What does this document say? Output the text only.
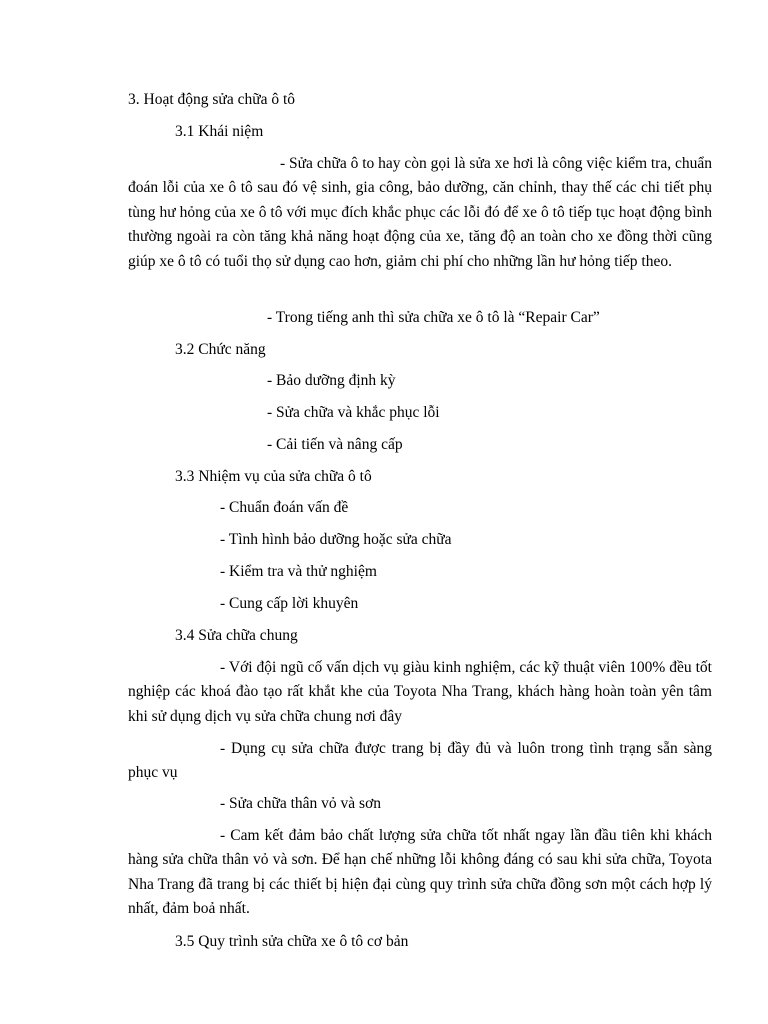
3. Hoạt động sửa chữa ô tô
3.1 Khái niệm
- Sửa chữa ô to hay còn gọi là sửa xe hơi là công việc kiểm tra, chuẩn đoán lỗi của xe ô tô sau đó vệ sinh, gia công, bảo dưỡng, căn chỉnh, thay thế các chi tiết phụ tùng hư hỏng của xe ô tô với mục đích khắc phục các lỗi đó để xe ô tô tiếp tục hoạt động bình thường ngoài ra còn tăng khả năng hoạt động của xe, tăng độ an toàn cho xe đồng thời cũng giúp xe ô tô có tuổi thọ sử dụng cao hơn, giảm chi phí cho những lần hư hỏng tiếp theo.
- Trong tiếng anh thì sửa chữa xe ô tô là “Repair Car”
3.2 Chức năng
- Bảo dưỡng định kỳ
- Sửa chữa và khắc phục lỗi
- Cải tiến và nâng cấp
3.3 Nhiệm vụ của sửa chữa ô tô
- Chuẩn đoán vấn đề
- Tình hình bảo dưỡng hoặc sửa chữa
- Kiểm tra và thử nghiệm
- Cung cấp lời khuyên
3.4 Sửa chữa chung
- Với đội ngũ cố vấn dịch vụ giàu kinh nghiệm, các kỹ thuật viên 100% đều tốt nghiệp các khoá đào tạo rất khắt khe của Toyota Nha Trang, khách hàng hoàn toàn yên tâm khi sử dụng dịch vụ sửa chữa chung nơi đây
- Dụng cụ sửa chữa được trang bị đầy đủ và luôn trong tình trạng sẵn sàng phục vụ
- Sửa chữa thân vỏ và sơn
- Cam kết đảm bảo chất lượng sửa chữa tốt nhất ngay lần đầu tiên khi khách hàng sửa chữa thân vỏ và sơn. Để hạn chế những lỗi không đáng có sau khi sửa chữa, Toyota Nha Trang đã trang bị các thiết bị hiện đại cùng quy trình sửa chữa đồng sơn một cách hợp lý nhất, đảm boả nhất.
3.5 Quy trình sửa chữa xe ô tô cơ bản
